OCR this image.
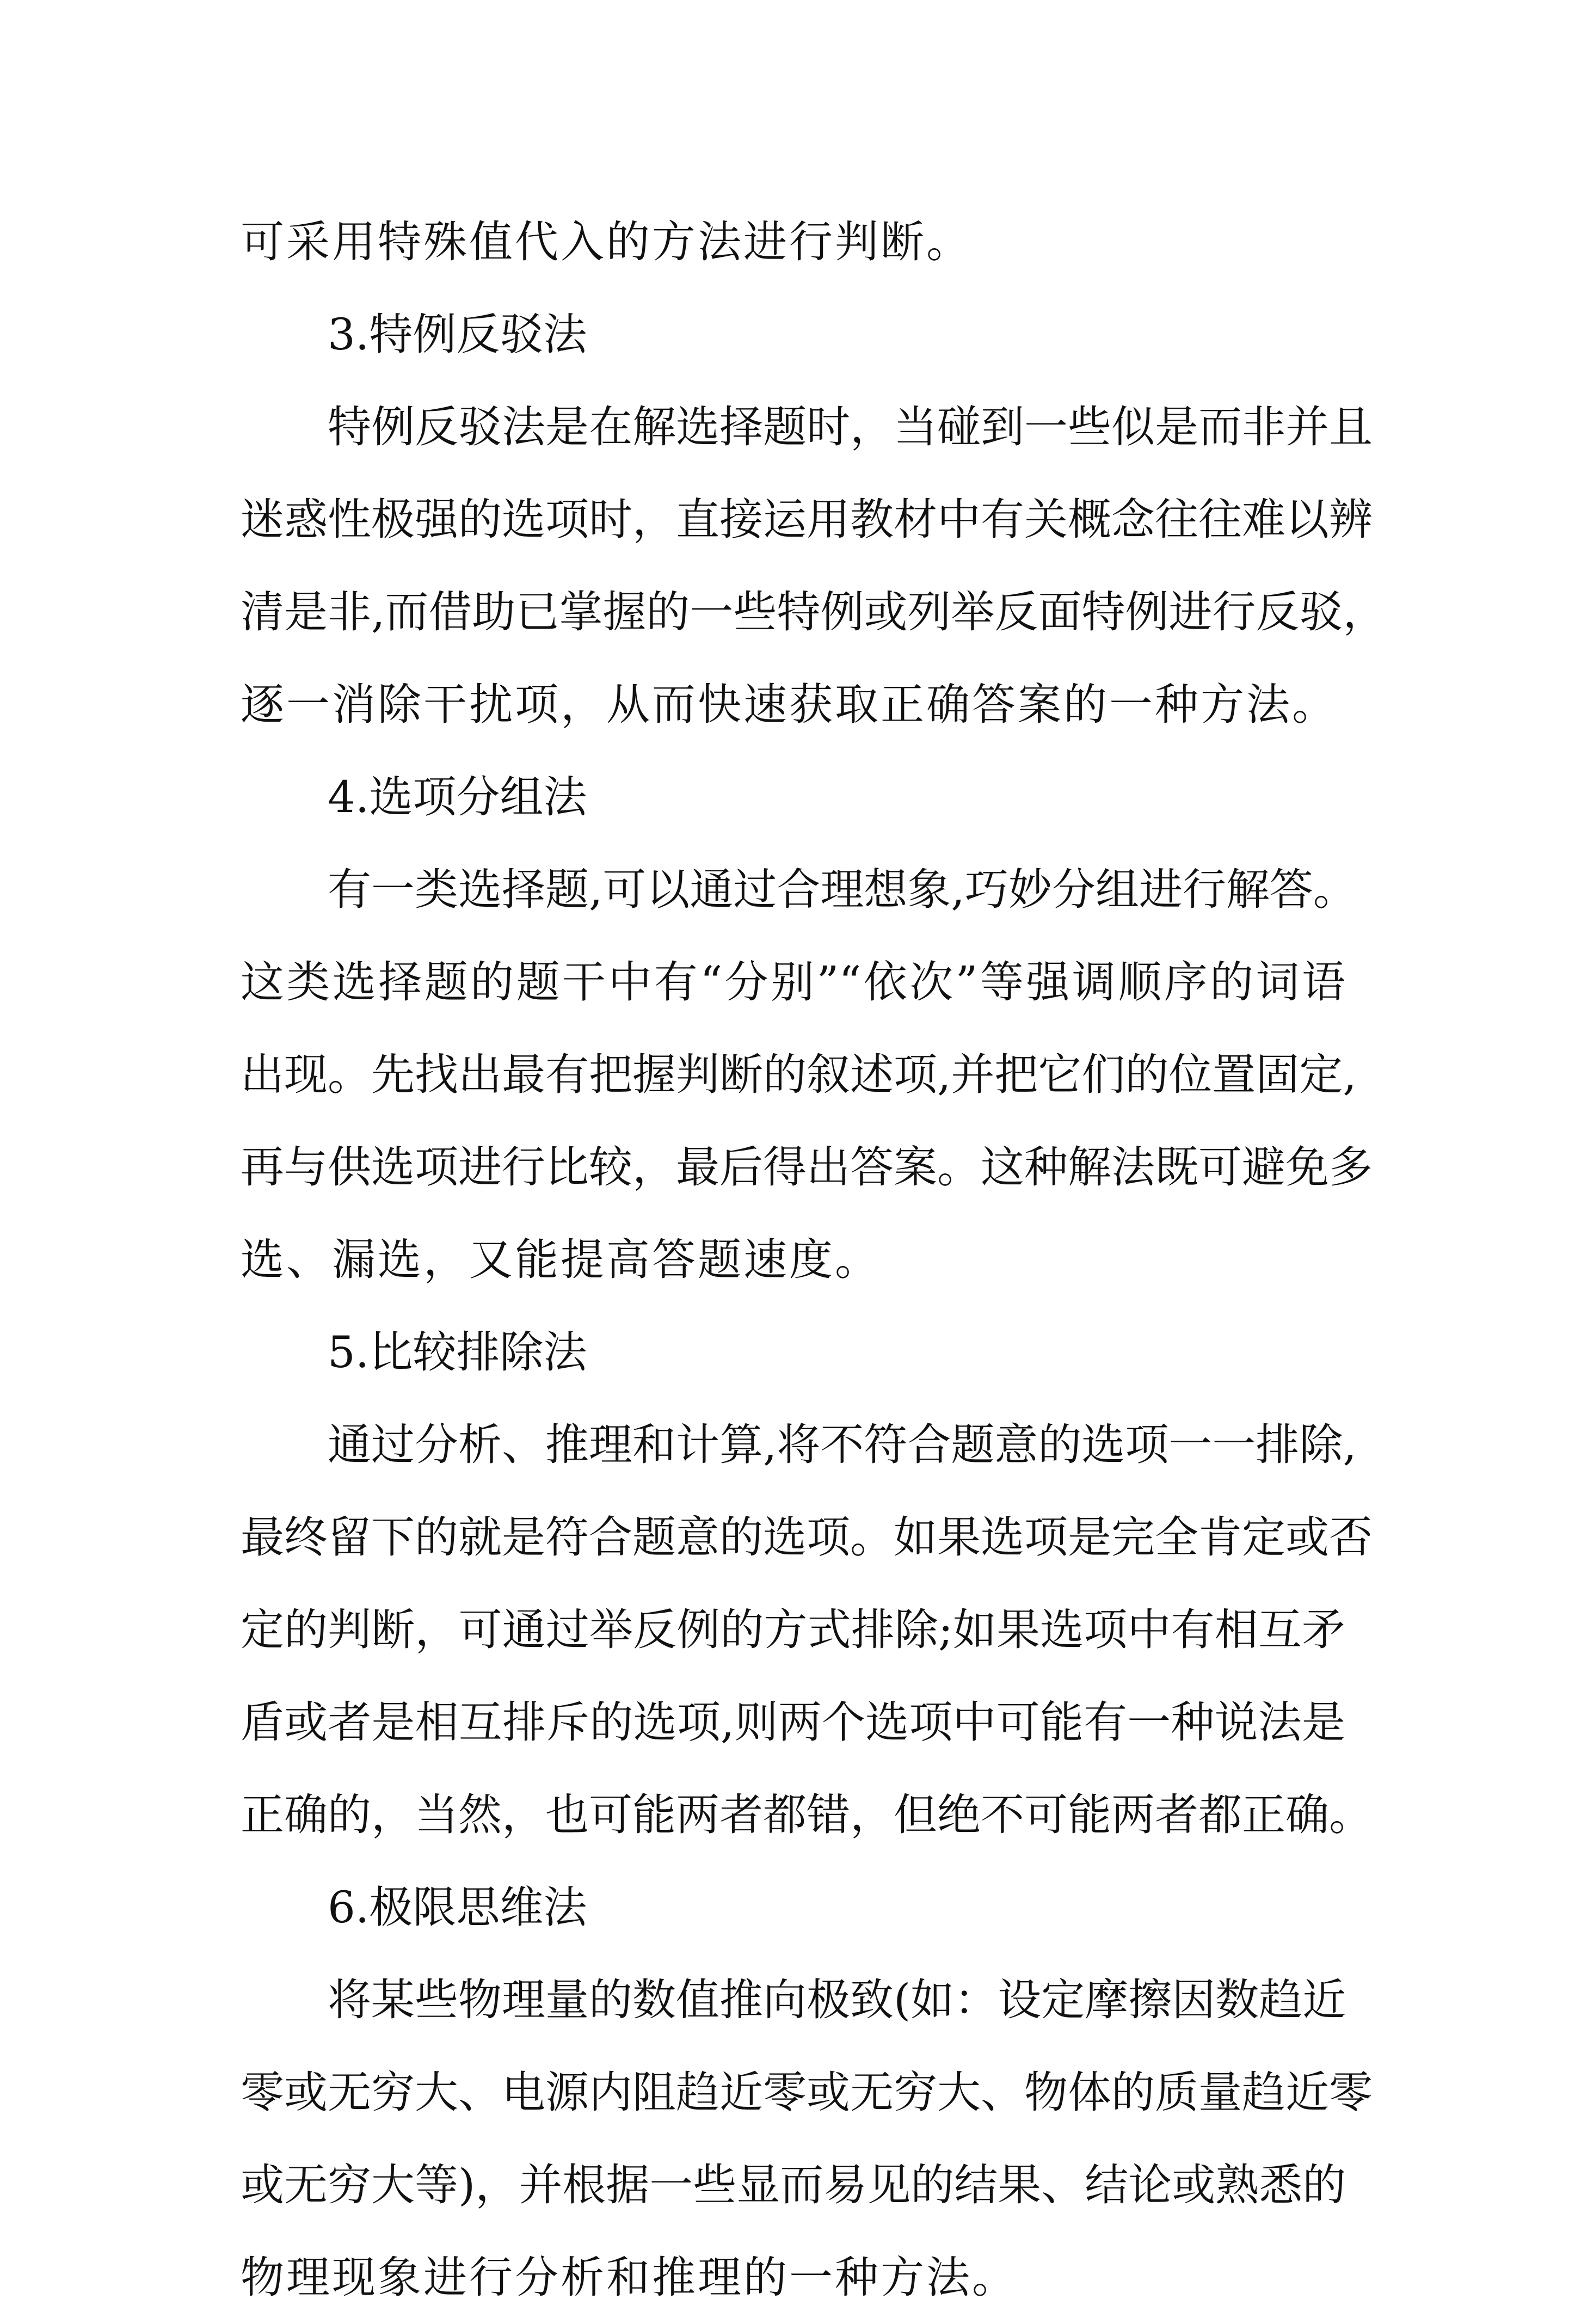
可采用特殊值代入的方法进行判断。
3.特例反驳法
特例反驳法是在解选择题时，当碰到一些似是而非并且
迷惑性极强的选项时，直接运用教材中有关概念往往难以辨
清是非,而借助已掌握的一些特例或列举反面特例进行反驳，
逐一消除干扰项，从而快速获取正确答案的一种方法。
4.选项分组法
有一类选择题,可以通过合理想象,巧妙分组进行解答。
这类选择题的题干中有“分别”“依次”等强调顺序的词语
出现。先找出最有把握判断的叙述项,并把它们的位置固定,
再与供选项进行比较，最后得出答案。这种解法既可避免多
选、漏选，又能提高答题速度。
5.比较排除法
通过分析、推理和计算,将不符合题意的选项一一排除,
最终留下的就是符合题意的选项。如果选项是完全肯定或否
定的判断，可通过举反例的方式排除;如果选项中有相互矛
盾或者是相互排斥的选项,则两个选项中可能有一种说法是
正确的，当然，也可能两者都错，但绝不可能两者都正确。
6.极限思维法
将某些物理量的数值推向极致(如：设定摩擦因数趋近
零或无穷大、电源内阻趋近零或无穷大、物体的质量趋近零
或无穷大等)，并根据一些显而易见的结果、结论或熟悉的
物理现象进行分析和推理的一种方法。
